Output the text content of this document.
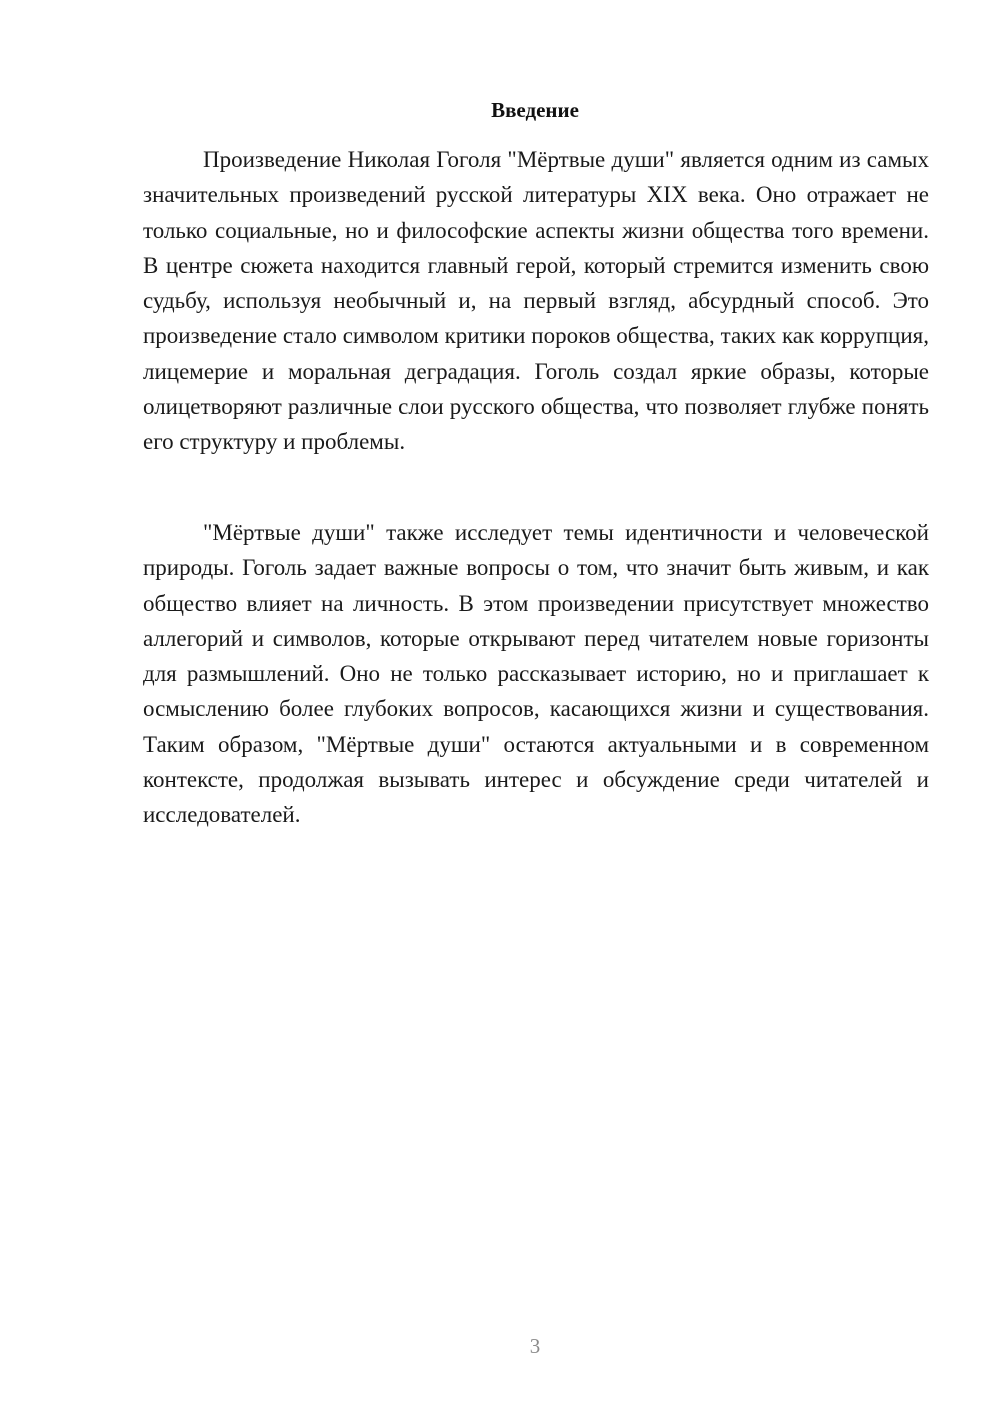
Введение

Произведение Николая Гоголя "Мёртвые души" является одним из самых значительных произведений русской литературы XIX века. Оно отражает не только социальные, но и философские аспекты жизни общества того времени. В центре сюжета находится главный герой, который стремится изменить свою судьбу, используя необычный и, на первый взгляд, абсурдный способ. Это произведение стало символом критики пороков общества, таких как коррупция, лицемерие и моральная деградация. Гоголь создал яркие образы, которые олицетворяют различные слои русского общества, что позволяет глубже понять его структуру и проблемы.

"Мёртвые души" также исследует темы идентичности и человеческой природы. Гоголь задает важные вопросы о том, что значит быть живым, и как общество влияет на личность. В этом произведении присутствует множество аллегорий и символов, которые открывают перед читателем новые горизонты для размышлений. Оно не только рассказывает историю, но и приглашает к осмыслению более глубоких вопросов, касающихся жизни и существования. Таким образом, "Мёртвые души" остаются актуальными и в современном контексте, продолжая вызывать интерес и обсуждение среди читателей и исследователей.

3
